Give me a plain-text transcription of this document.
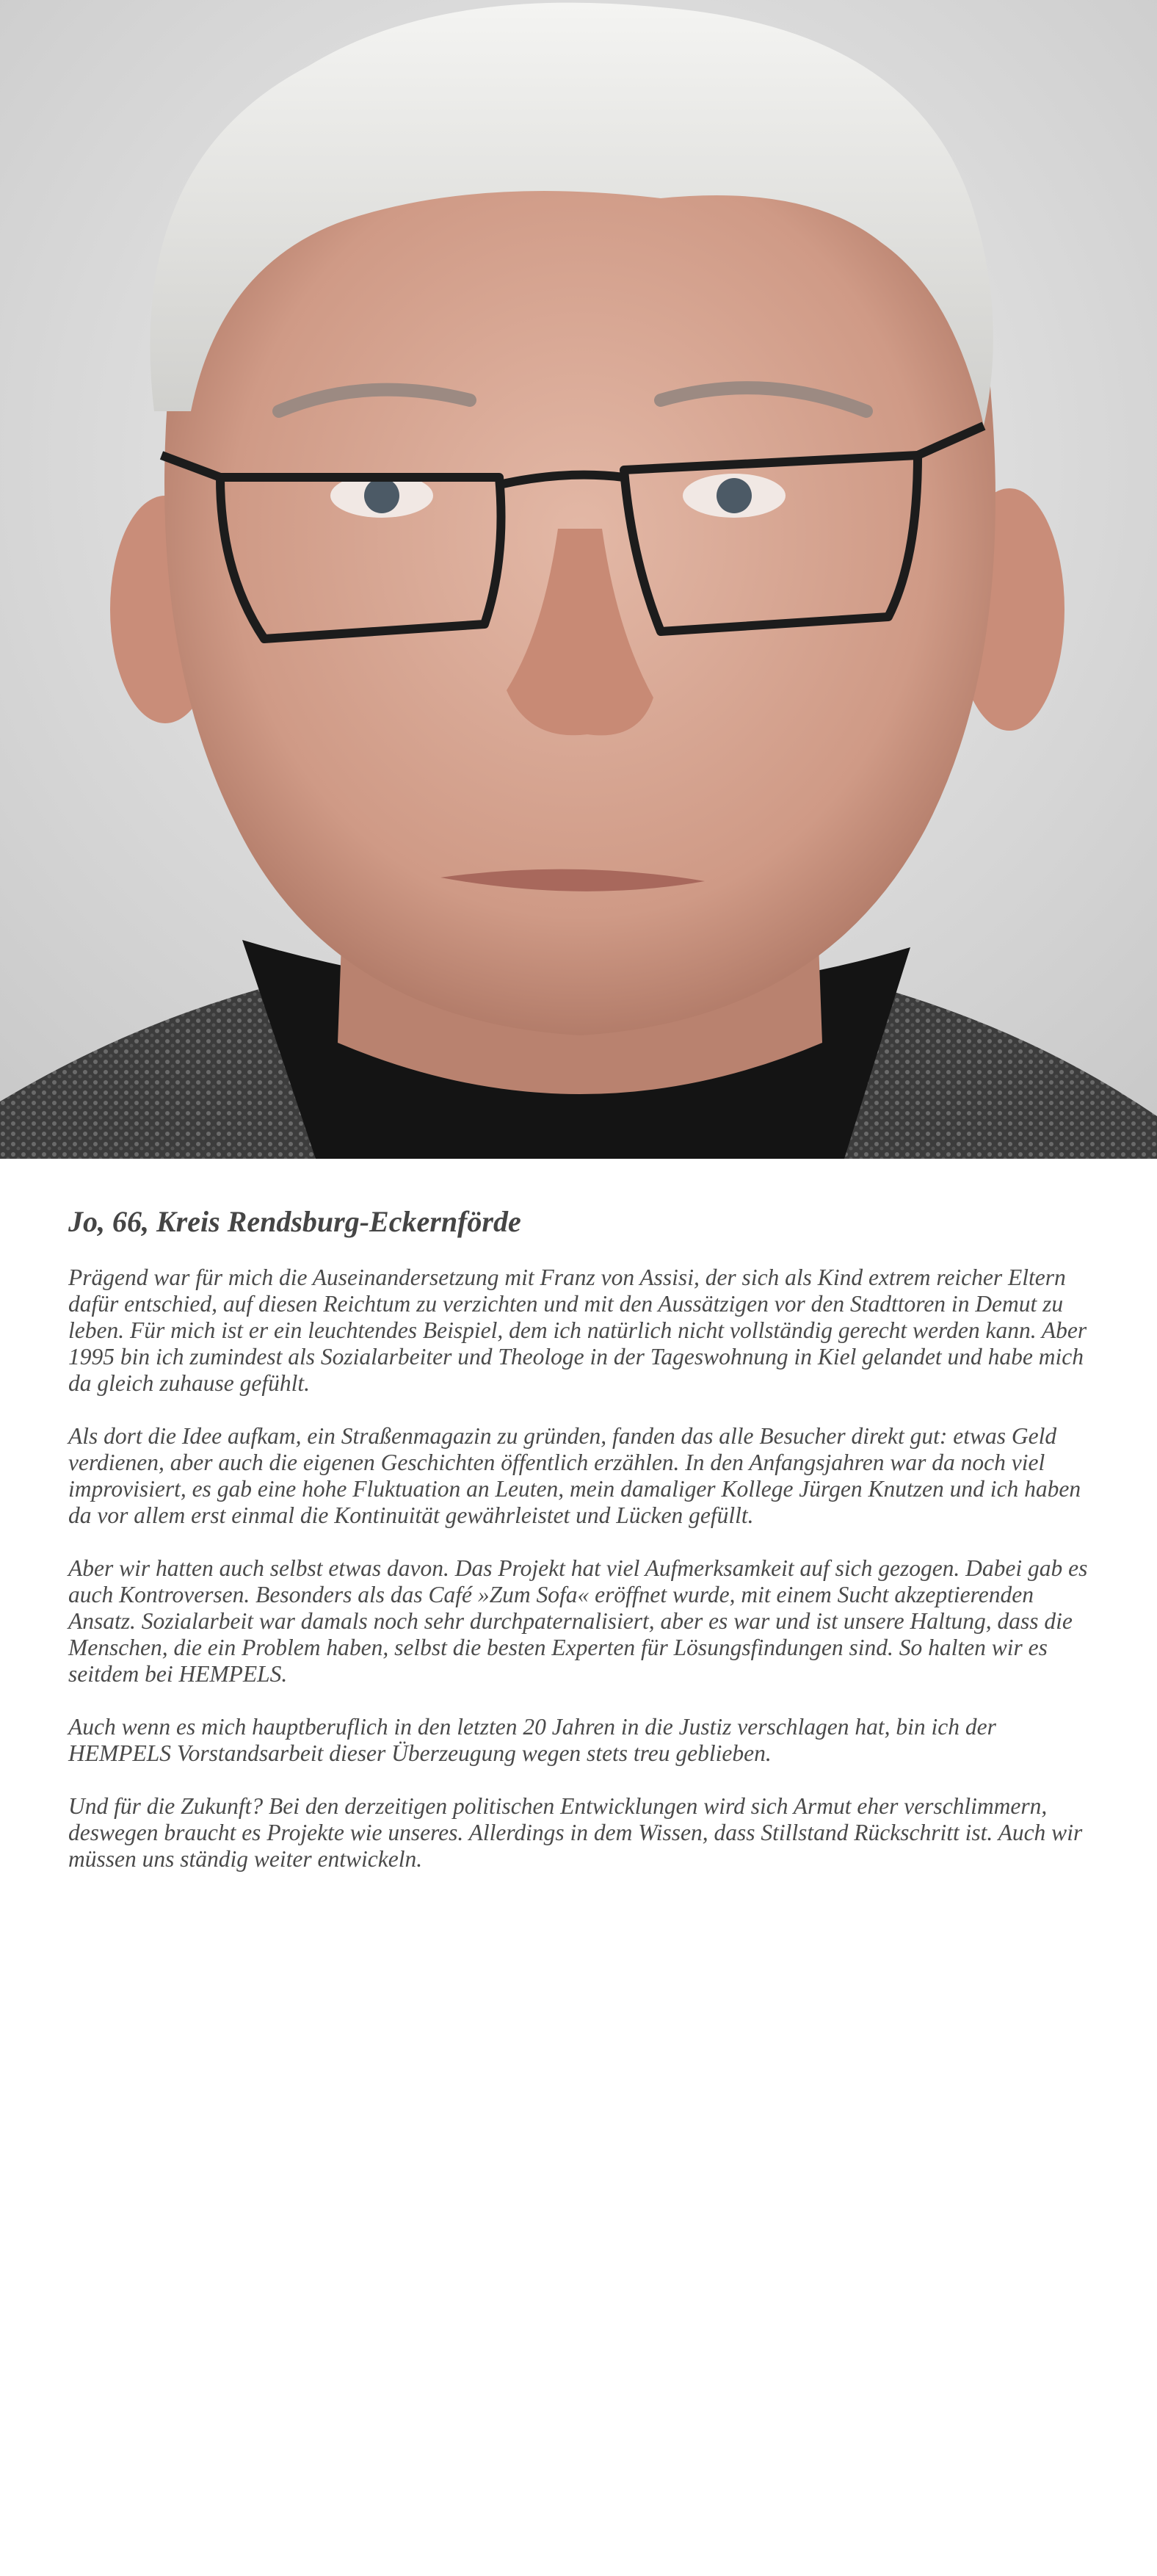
Jo, 66, Kreis Rendsburg-Eckernförde

Prägend war für mich die Auseinandersetzung mit Franz von Assisi, der sich als Kind extrem reicher Eltern dafür entschied, auf diesen Reichtum zu verzichten und mit den Aussätzigen vor den Stadttoren in Demut zu leben. Für mich ist er ein leuchtendes Beispiel, dem ich natürlich nicht vollständig gerecht werden kann. Aber 1995 bin ich zumindest als Sozialarbeiter und Theologe in der Tageswohnung in Kiel gelandet und habe mich da gleich zuhause gefühlt.

Als dort die Idee aufkam, ein Straßenmagazin zu gründen, fanden das alle Besucher direkt gut: etwas Geld verdienen, aber auch die eigenen Geschichten öffentlich erzählen. In den Anfangsjahren war da noch viel improvisiert, es gab eine hohe Fluktuation an Leuten, mein damaliger Kollege Jürgen Knutzen und ich haben da vor allem erst einmal die Kontinuität gewährleistet und Lücken gefüllt.

Aber wir hatten auch selbst etwas davon. Das Projekt hat viel Aufmerksamkeit auf sich gezogen. Dabei gab es auch Kontroversen. Besonders als das Café »Zum Sofa« eröffnet wurde, mit einem Sucht akzeptierenden Ansatz. Sozialarbeit war damals noch sehr durchpaternalisiert, aber es war und ist unsere Haltung, dass die Menschen, die ein Problem haben, selbst die besten Experten für Lösungsfindungen sind. So halten wir es seitdem bei HEMPELS.

Auch wenn es mich hauptberuflich in den letzten 20 Jahren in die Justiz verschlagen hat, bin ich der HEMPELS Vorstandsarbeit dieser Überzeugung wegen stets treu geblieben.

Und für die Zukunft? Bei den derzeitigen politischen Entwicklungen wird sich Armut eher verschlimmern, deswegen braucht es Projekte wie unseres. Allerdings in dem Wissen, dass Stillstand Rückschritt ist. Auch wir müssen uns ständig weiter entwickeln.
